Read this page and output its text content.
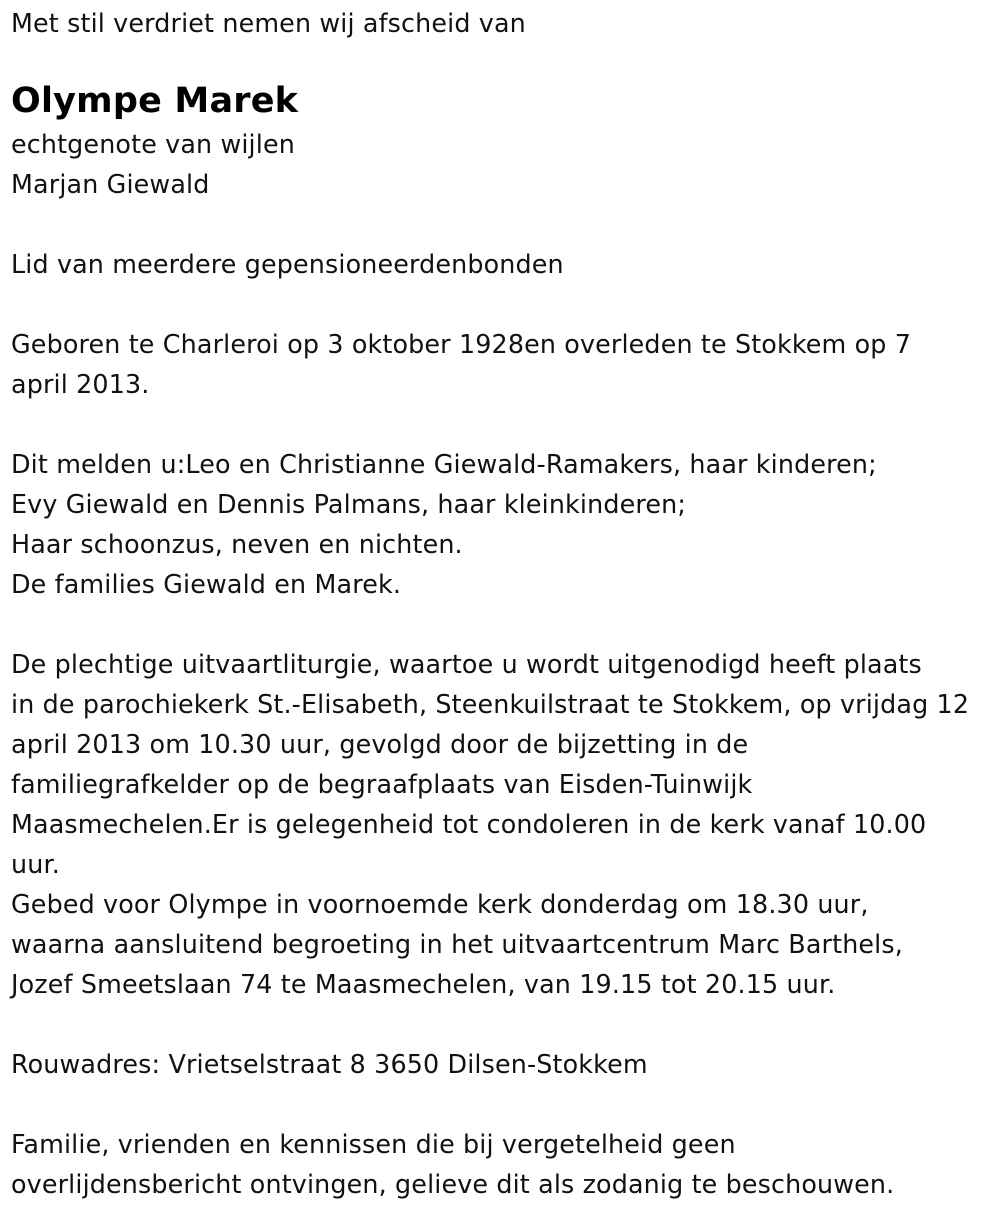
Met stil verdriet nemen wij afscheid van
Olympe Marek
echtgenote van wijlen
Marjan Giewald
Lid van meerdere gepensioneerdenbonden
Geboren te Charleroi op 3 oktober 1928en overleden te Stokkem op 7
april 2013.
Dit melden u:Leo en Christianne Giewald-Ramakers, haar kinderen;
Evy Giewald en Dennis Palmans, haar kleinkinderen;
Haar schoonzus, neven en nichten.
De families Giewald en Marek.
De plechtige uitvaartliturgie, waartoe u wordt uitgenodigd heeft plaats
in de parochiekerk St.-Elisabeth, Steenkuilstraat te Stokkem, op vrijdag 12
april 2013 om 10.30 uur, gevolgd door de bijzetting in de
familiegrafkelder op de begraafplaats van Eisden-Tuinwijk
Maasmechelen.Er is gelegenheid tot condoleren in de kerk vanaf 10.00
uur.
Gebed voor Olympe in voornoemde kerk donderdag om 18.30 uur,
waarna aansluitend begroeting in het uitvaartcentrum Marc Barthels,
Jozef Smeetslaan 74 te Maasmechelen, van 19.15 tot 20.15 uur.
Rouwadres: Vrietselstraat 8 3650 Dilsen-Stokkem
Familie, vrienden en kennissen die bij vergetelheid geen
overlijdensbericht ontvingen, gelieve dit als zodanig te beschouwen.
